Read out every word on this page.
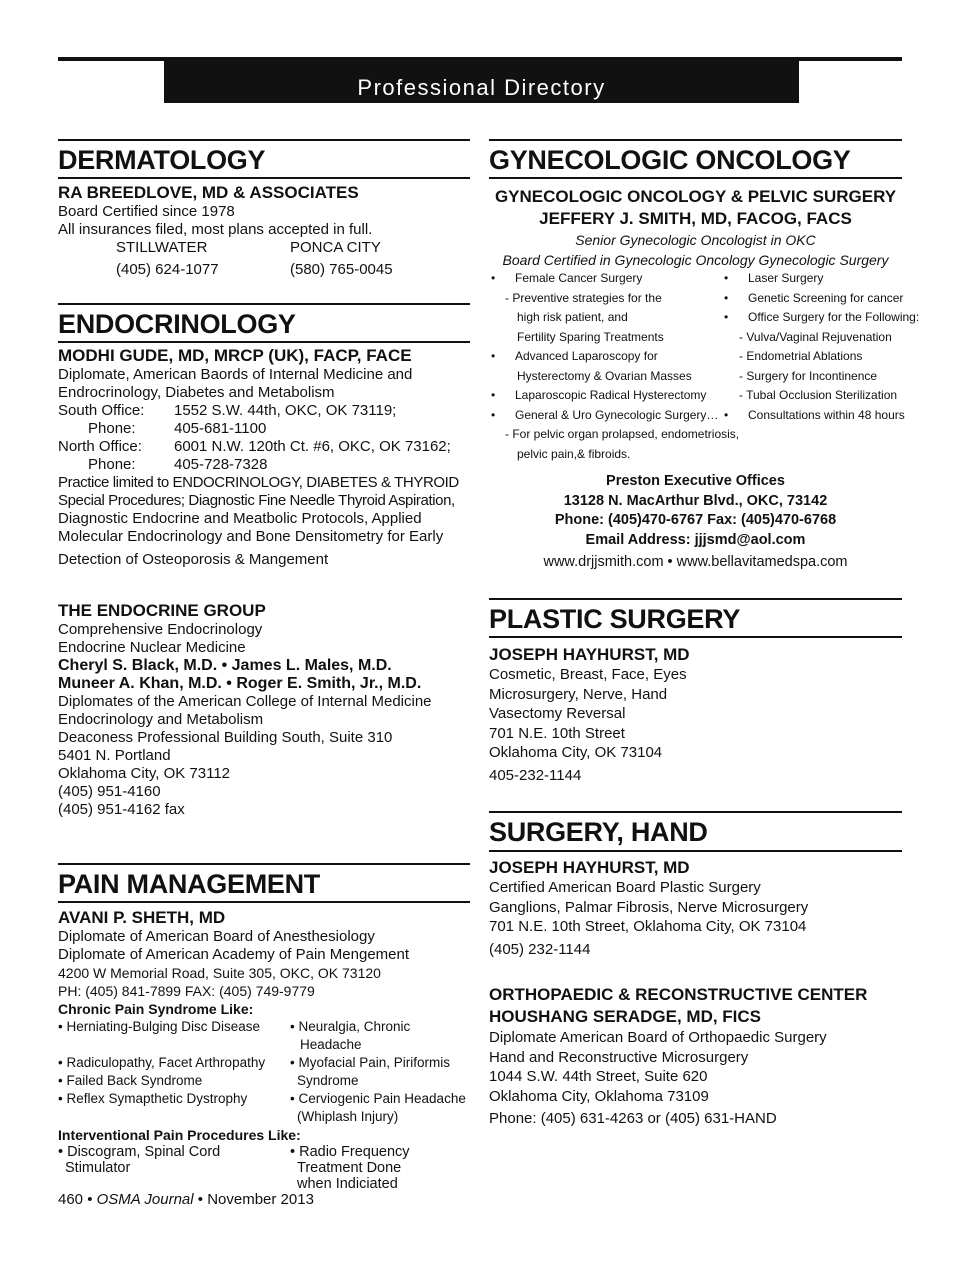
Professional Directory
DERMATOLOGY
RA BREEDLOVE, MD & ASSOCIATES
Board Certified since 1978
All insurances filed, most plans accepted in full.
STILLWATER	PONCA CITY
(405) 624-1077	(580) 765-0045
ENDOCRINOLOGY
MODHI GUDE, MD, MRCP (UK), FACP, FACE
Diplomate, American Baords of Internal Medicine and
Endrocrinology, Diabetes and Metabolism
South Office: 1552 S.W. 44th, OKC, OK 73119;
Phone:	405-681-1100
North Office: 6001 N.W. 120th Ct. #6, OKC, OK 73162;
Phone:	405-728-7328
Practice limited to ENDOCRINOLOGY, DIABETES & THYROID
Special Procedures; Diagnostic Fine Needle Thyroid Aspiration,
Diagnostic Endocrine and Meatbolic Protocols, Applied
Molecular Endocrinology and Bone Densitometry for Early
Detection of Osteoporosis & Mangement
THE ENDOCRINE GROUP
Comprehensive Endocrinology
Endocrine Nuclear Medicine
Cheryl S. Black, M.D. • James L. Males, M.D.
Muneer A. Khan, M.D. • Roger E. Smith, Jr., M.D.
Diplomates of the American College of Internal Medicine
Endocrinology and Metabolism
Deaconess Professional Building South, Suite 310
5401 N. Portland
Oklahoma City, OK 73112
(405) 951-4160
(405) 951-4162 fax
PAIN MANAGEMENT
AVANI P. SHETH, MD
Diplomate of American Board of Anesthesiology
Diplomate of American Academy of Pain Mengement
4200 W Memorial Road, Suite 305, OKC, OK 73120
PH: (405) 841-7899 FAX: (405) 749-9779
Chronic Pain Syndrome Like:
• Herniating-Bulging Disc Disease
• Radiculopathy, Facet Arthropathy
• Failed Back Syndrome
• Reflex Symapthetic Dystrophy
• Neuralgia, Chronic
Headache
• Myofacial Pain, Piriformis
Syndrome
• Cerviogenic Pain Headache
(Whiplash Injury)
Interventional Pain Procedures Like:
• Discogram, Spinal Cord
Stimulator
• Radio Frequency
Treatment Done
when Indiciated
460 • OSMA Journal • November 2013
GYNECOLOGIC ONCOLOGY
GYNECOLOGIC ONCOLOGY & PELVIC SURGERY
JEFFERY J. SMITH, MD, FACOG, FACS
Senior Gynecologic Oncologist in OKC
Board Certified in Gynecologic Oncology Gynecologic Surgery
• Female Cancer Surgery
- Preventive strategies for the
high risk patient, and
Fertility Sparing Treatments
• Advanced Laparoscopy for
Hysterectomy & Ovarian Masses
• Laparoscopic Radical Hysterectomy
• General & Uro Gynecologic Surgery…
- For pelvic organ prolapsed, endometriosis,
pelvic pain,& fibroids.
• Laser Surgery
• Genetic Screening for cancer
• Office Surgery for the Following:
- Vulva/Vaginal Rejuvenation
- Endometrial Ablations
- Surgery for Incontinence
- Tubal Occlusion Sterilization
• Consultations within 48 hours
Preston Executive Offices
13128 N. MacArthur Blvd., OKC, 73142
Phone: (405)470-6767 Fax: (405)470-6768
Email Address: jjjsmd@aol.com
www.drjjsmith.com • www.bellavitamedspa.com
PLASTIC SURGERY
JOSEPH HAYHURST, MD
Cosmetic, Breast, Face, Eyes
Microsurgery, Nerve, Hand
Vasectomy Reversal
701 N.E. 10th Street
Oklahoma City, OK 73104
405-232-1144
SURGERY, HAND
JOSEPH HAYHURST, MD
Certified American Board Plastic Surgery
Ganglions, Palmar Fibrosis, Nerve Microsurgery
701 N.E. 10th Street, Oklahoma City, OK 73104
(405) 232-1144
ORTHOPAEDIC & RECONSTRUCTIVE CENTER
HOUSHANG SERADGE, MD, FICS
Diplomate American Board of Orthopaedic Surgery
Hand and Reconstructive Microsurgery
1044 S.W. 44th Street, Suite 620
Oklahoma City, Oklahoma 73109
Phone: (405) 631-4263 or (405) 631-HAND
